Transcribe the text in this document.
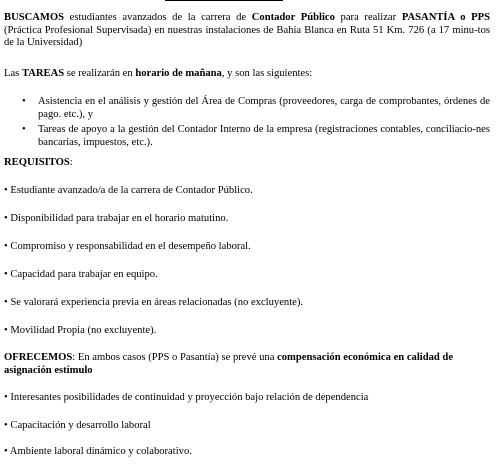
BUSCAMOS estudiantes avanzados de la carrera de Contador Público para realizar PASANTÍA o PPS (Práctica Profesional Supervisada) en nuestras instalaciones de Bahía Blanca en Ruta 51 Km. 726 (a 17 minu-tos de la Universidad)

Las TAREAS se realizarán en horario de mañana, y son las siguientes:

• Asistencia en el análisis y gestión del Área de Compras (proveedores, carga de comprobantes, órdenes de pago. etc.), y
• Tareas de apoyo a la gestión del Contador Interno de la empresa (registraciones contables, conciliacio-nes bancarias, impuestos, etc.).

REQUISITOS:

• Estudiante avanzado/a de la carrera de Contador Público.

• Disponibilidad para trabajar en el horario matutino.

• Compromiso y responsabilidad en el desempeño laboral.

• Capacidad para trabajar en equipo.

• Se valorará experiencia previa en áreas relacionadas (no excluyente).

• Movilidad Propia (no excluyente).

OFRECEMOS: En ambos casos (PPS o Pasantía) se prevé una compensación económica en calidad de asignación estímulo

• Interesantes posibilidades de continuidad y proyección bajo relación de dependencia

• Capacitación y desarrollo laboral

• Ambiente laboral dinámico y colaborativo.
